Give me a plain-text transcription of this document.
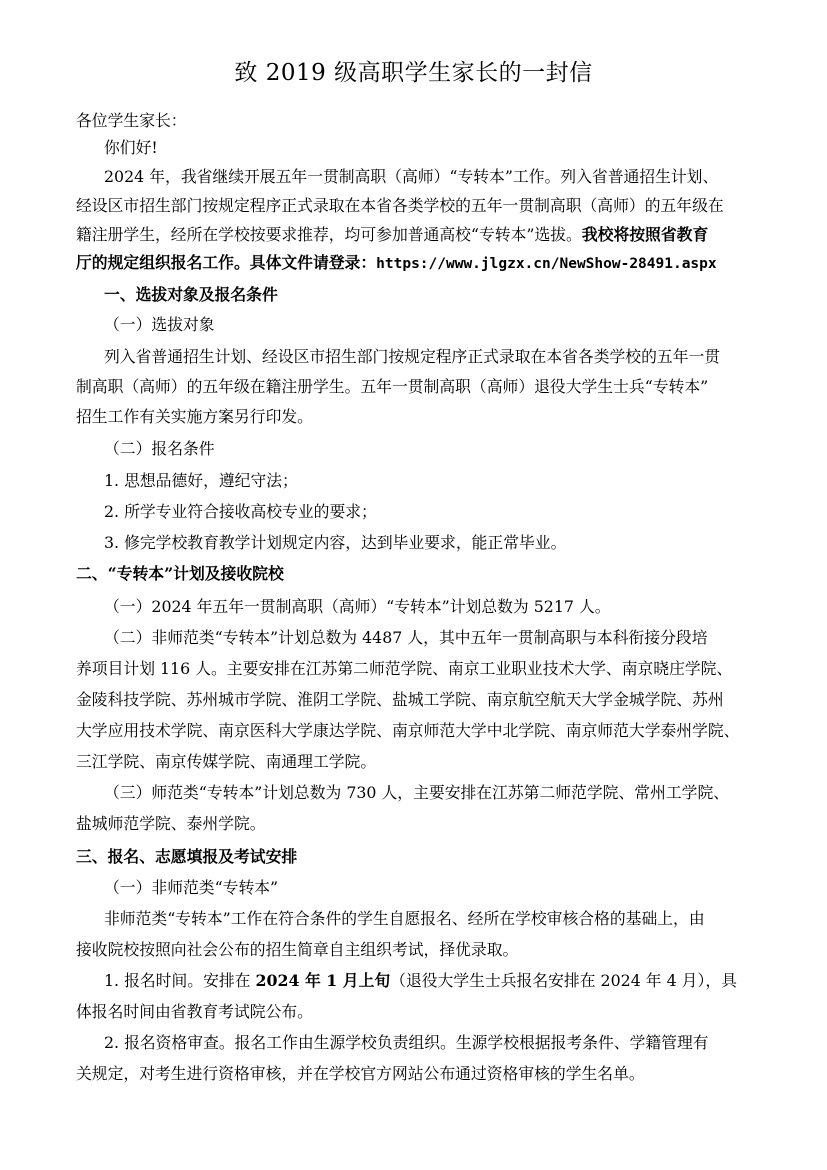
致 2019 级高职学生家长的一封信

各位学生家长：

你们好!

2024 年，我省继续开展五年一贯制高职（高师）“专转本”工作。列入省普通招生计划、

经设区市招生部门按规定程序正式录取在本省各类学校的五年一贯制高职（高师）的五年级在

籍注册学生，经所在学校按要求推荐，均可参加普通高校“专转本”选拔。我校将按照省教育

厅的规定组织报名工作。具体文件请登录：https://www.jlgzx.cn/NewShow-28491.aspx

一、选拔对象及报名条件

（一）选拔对象

列入省普通招生计划、经设区市招生部门按规定程序正式录取在本省各类学校的五年一贯

制高职（高师）的五年级在籍注册学生。五年一贯制高职（高师）退役大学生士兵“专转本”

招生工作有关实施方案另行印发。

（二）报名条件

1. 思想品德好，遵纪守法；

2. 所学专业符合接收高校专业的要求；

3. 修完学校教育教学计划规定内容，达到毕业要求，能正常毕业。

二、“专转本”计划及接收院校

（一）2024 年五年一贯制高职（高师）“专转本”计划总数为 5217 人。

（二）非师范类“专转本”计划总数为 4487 人，其中五年一贯制高职与本科衔接分段培

养项目计划 116 人。主要安排在江苏第二师范学院、南京工业职业技术大学、南京晓庄学院、

金陵科技学院、苏州城市学院、淮阴工学院、盐城工学院、南京航空航天大学金城学院、苏州

大学应用技术学院、南京医科大学康达学院、南京师范大学中北学院、南京师范大学泰州学院、

三江学院、南京传媒学院、南通理工学院。

（三）师范类“专转本”计划总数为 730 人，主要安排在江苏第二师范学院、常州工学院、

盐城师范学院、泰州学院。

三、报名、志愿填报及考试安排

（一）非师范类“专转本”

非师范类“专转本”工作在符合条件的学生自愿报名、经所在学校审核合格的基础上，由

接收院校按照向社会公布的招生简章自主组织考试，择优录取。

1. 报名时间。安排在 2024 年 1 月上旬（退役大学生士兵报名安排在 2024 年 4 月），具

体报名时间由省教育考试院公布。

2. 报名资格审查。报名工作由生源学校负责组织。生源学校根据报考条件、学籍管理有

关规定，对考生进行资格审核，并在学校官方网站公布通过资格审核的学生名单。
